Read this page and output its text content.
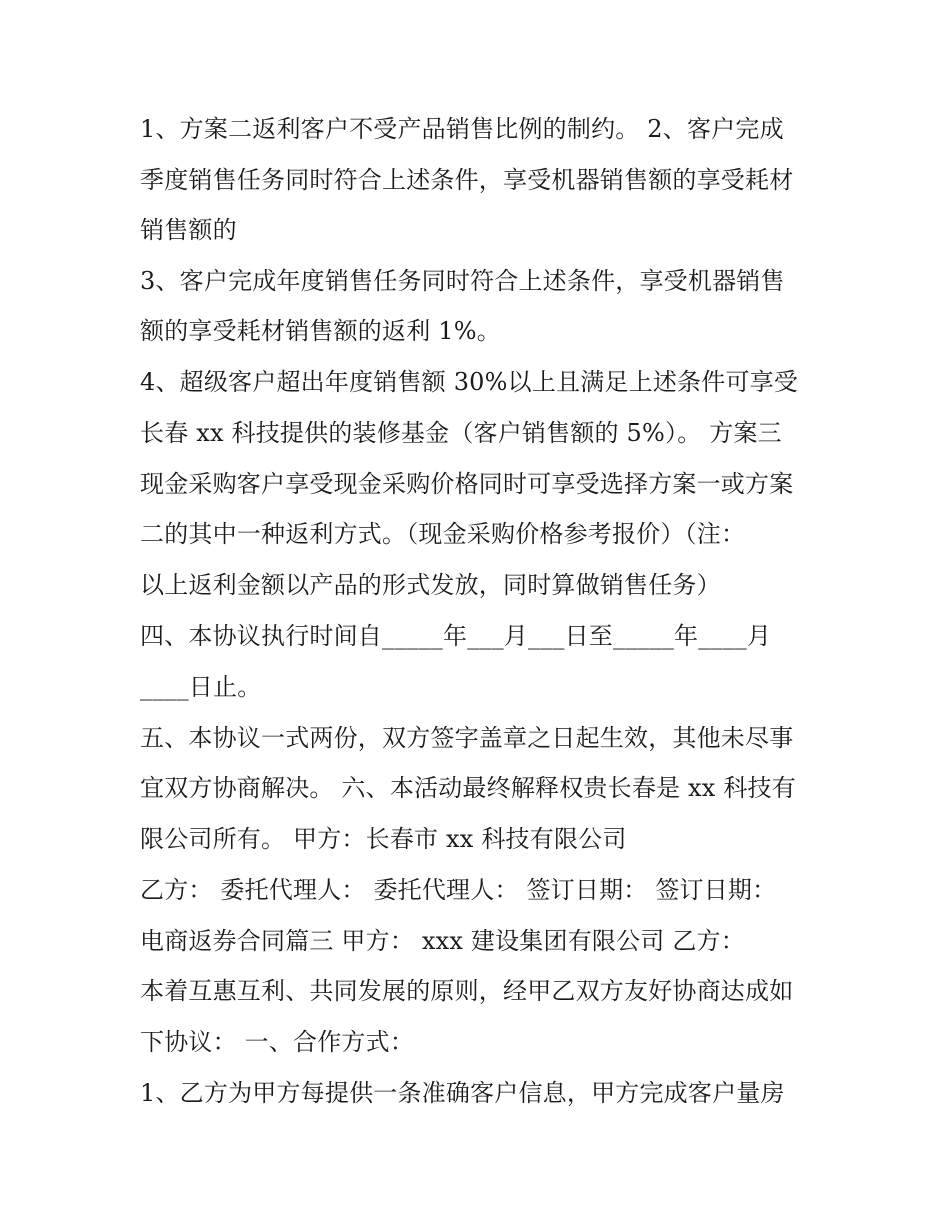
1、方案二返利客户不受产品销售比例的制约。 2、客户完成
季度销售任务同时符合上述条件，享受机器销售额的享受耗材
销售额的
3、客户完成年度销售任务同时符合上述条件，享受机器销售
额的享受耗材销售额的返利 1%。
4、超级客户超出年度销售额 30%以上且满足上述条件可享受
长春 xx 科技提供的装修基金（客户销售额的 5%）。 方案三
现金采购客户享受现金采购价格同时可享受选择方案一或方案
二的其中一种返利方式。（现金采购价格参考报价）（注：
以上返利金额以产品的形式发放，同时算做销售任务）
四、本协议执行时间自_____年___月___日至_____年____月
____日止。
五、本协议一式两份，双方签字盖章之日起生效，其他未尽事
宜双方协商解决。 六、本活动最终解释权贵长春是 xx 科技有
限公司所有。 甲方：长春市 xx 科技有限公司
乙方： 委托代理人： 委托代理人： 签订日期： 签订日期：
电商返券合同篇三 甲方： xxx 建设集团有限公司 乙方：
本着互惠互利、共同发展的原则，经甲乙双方友好协商达成如
下协议： 一、合作方式：
1、乙方为甲方每提供一条准确客户信息，甲方完成客户量房
